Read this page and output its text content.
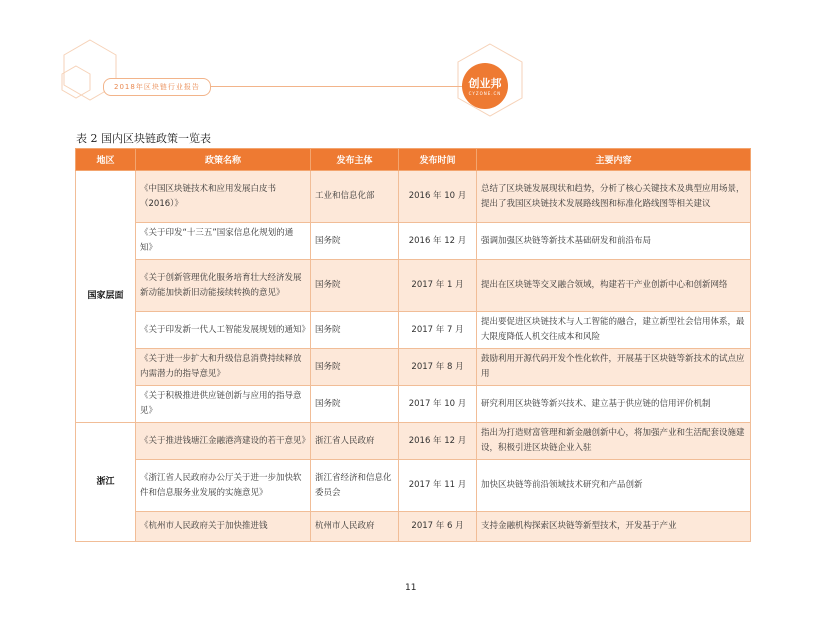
2018年区块链行业报告	创业邦
CYZONE.CN
表 2 国内区块链政策一览表
地区	政策名称	发布主体	发布时间	主要内容
国家层面	《中国区块链技术和应用发展白皮书（2016）》	工业和信息化部	2016 年 10 月	总结了区块链发展现状和趋势，分析了核心关键技术及典型应用场景，提出了我国区块链技术发展路线图和标准化路线图等相关建议
	《关于印发“十三五”国家信息化规划的通知》	国务院	2016 年 12 月	强调加强区块链等新技术基础研发和前沿布局
	《关于创新管理优化服务培育壮大经济发展新动能加快新旧动能接续转换的意见》	国务院	2017 年 1 月	提出在区块链等交叉融合领域，构建若干产业创新中心和创新网络
	《关于印发新一代人工智能发展规划的通知》	国务院	2017 年 7 月	提出要促进区块链技术与人工智能的融合，建立新型社会信用体系，最大限度降低人机交往成本和风险
	《关于进一步扩大和升级信息消费持续释放内需潜力的指导意见》	国务院	2017 年 8 月	鼓励利用开源代码开发个性化软件，开展基于区块链等新技术的试点应用
	《关于积极推进供应链创新与应用的指导意见》	国务院	2017 年 10 月	研究利用区块链等新兴技术、建立基于供应链的信用评价机制
浙江	《关于推进钱塘江金融港湾建设的若干意见》	浙江省人民政府	2016 年 12 月	指出为打造财富管理和新金融创新中心，将加强产业和生活配套设施建设，积极引进区块链企业入驻
	《浙江省人民政府办公厅关于进一步加快软件和信息服务业发展的实施意见》	浙江省经济和信息化委员会	2017 年 11 月	加快区块链等前沿领域技术研究和产品创新
	《杭州市人民政府关于加快推进钱	杭州市人民政府	2017 年 6 月	支持金融机构探索区块链等新型技术，开发基于产业
11
